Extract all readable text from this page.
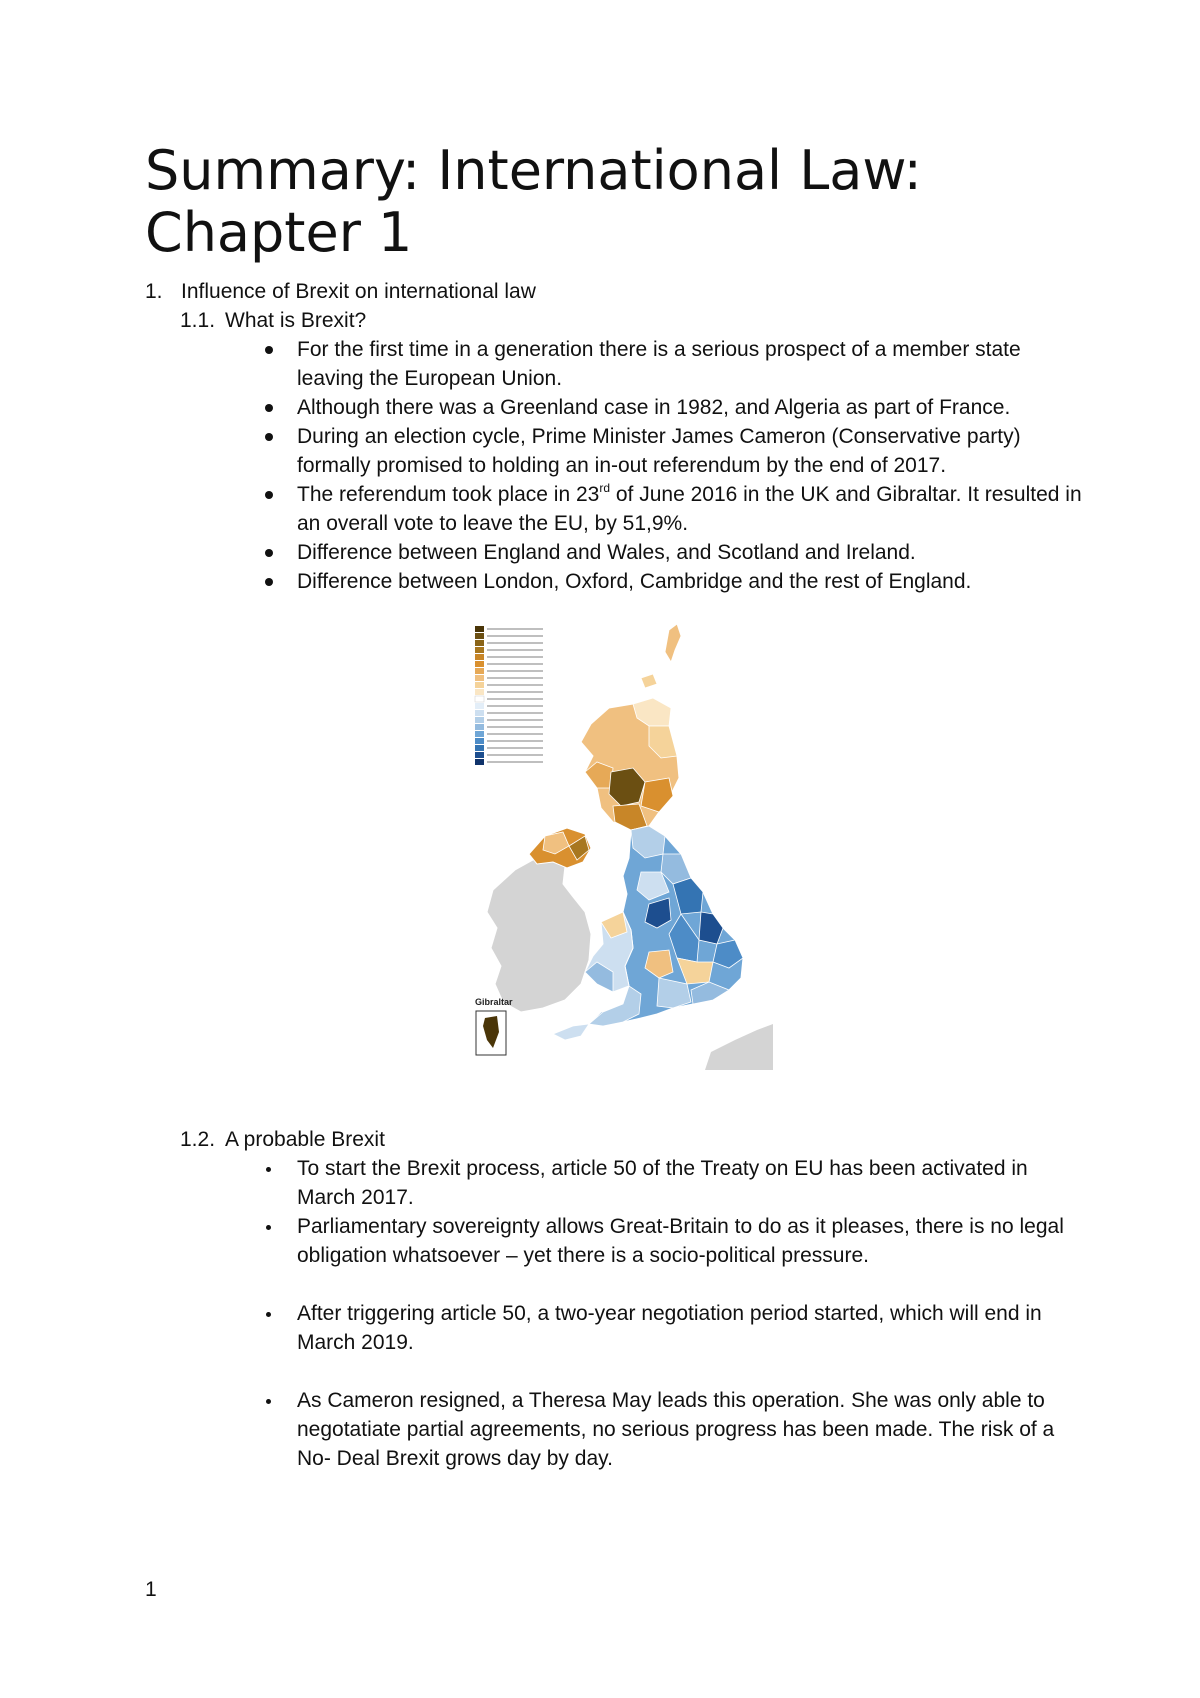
Summary: International Law: Chapter 1
1. Influence of Brexit on international law
1.1. What is Brexit?
For the first time in a generation there is a serious prospect of a member state leaving the European Union.
Although there was a Greenland case in 1982, and Algeria as part of France.
During an election cycle, Prime Minister James Cameron (Conservative party) formally promised to holding an in-out referendum by the end of 2017.
The referendum took place in 23rd of June 2016 in the UK and Gibraltar. It resulted in an overall vote to leave the EU, by 51,9%.
Difference between England and Wales, and Scotland and Ireland.
Difference between London, Oxford, Cambridge and the rest of England.
Gibraltar
1.2. A probable Brexit
To start the Brexit process, article 50 of the Treaty on EU has been activated in March 2017.
Parliamentary sovereignty allows Great-Britain to do as it pleases, there is no legal obligation whatsoever – yet there is a socio-political pressure.
After triggering article 50, a two-year negotiation period started, which will end in March 2019.
As Cameron resigned, a Theresa May leads this operation. She was only able to negotatiate partial agreements, no serious progress has been made. The risk of a No- Deal Brexit grows day by day.
1
